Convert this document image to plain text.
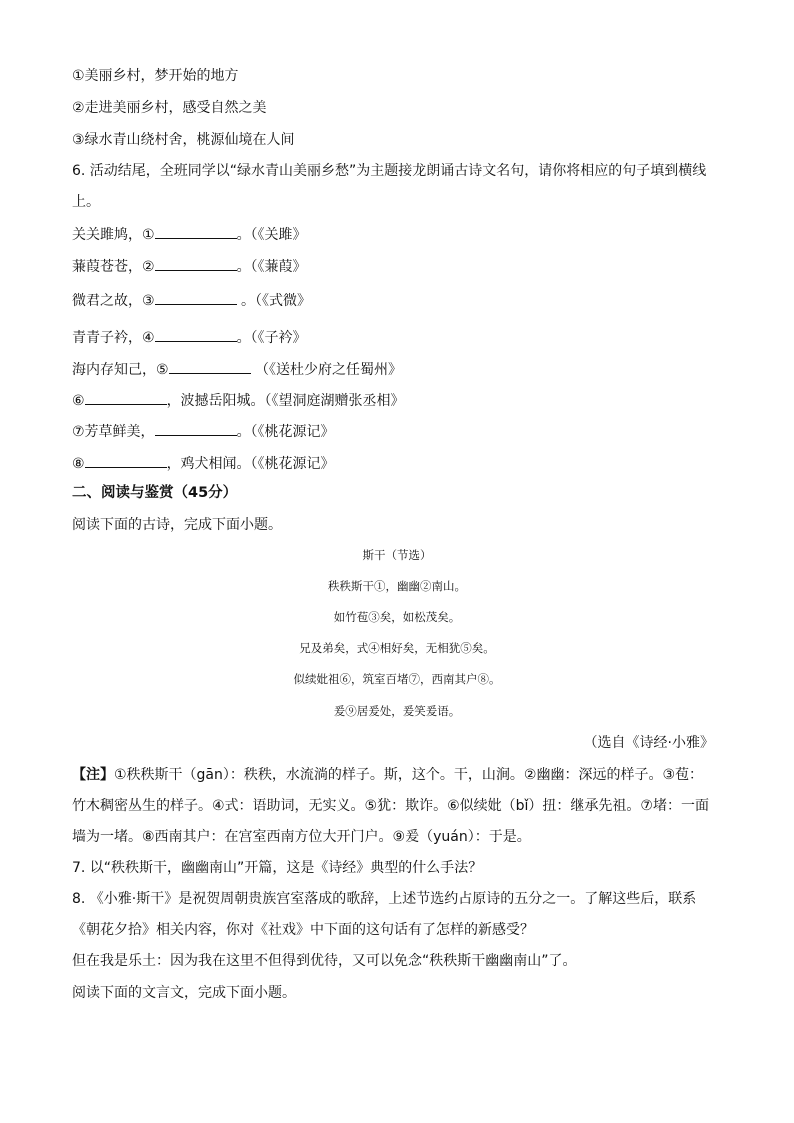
①美丽乡村，梦开始的地方
②走进美丽乡村，感受自然之美
③绿水青山绕村舍，桃源仙境在人间
6. 活动结尾，全班同学以“绿水青山美丽乡愁”为主题接龙朗诵古诗文名句，请你将相应的句子填到横线
上。
关关雎鸠，①	。（《关雎》
蒹葭苍苍，②	。（《蒹葭》
微君之故，③	。（《式微》
青青子衿，④	。（《子衿》
海内存知己，⑤	（《送杜少府之任蜀州》
⑥	，波撼岳阳城。（《望洞庭湖赠张丞相》
⑦芳草鲜美，	。（《桃花源记》
⑧	，鸡犬相闻。（《桃花源记》
二、阅读与鉴赏（45分）
阅读下面的古诗，完成下面小题。
斯干（节选）
秩秩斯干①，幽幽②南山。
如竹苞③矣，如松茂矣。
兄及弟矣，式④相好矣，无相犹⑤矣。
似续妣祖⑥，筑室百堵⑦，西南其户⑧。
爰⑨居爰处，爰笑爰语。
（选自《诗经·小雅》
【注】①秩秩斯干（gān）：秩秩，水流淌的样子。斯，这个。干，山涧。②幽幽：深远的样子。③苞：
竹木稠密丛生的样子。④式：语助词，无实义。⑤犹：欺诈。⑥似续妣（bǐ）扭：继承先祖。⑦堵：一面
墙为一堵。⑧西南其户：在宫室西南方位大开门户。⑨爰（yuán）：于是。
7. 以“秩秩斯干，幽幽南山”开篇，这是《诗经》典型的什么手法？
8. 《小雅·斯干》是祝贺周朝贵族宫室落成的歌辞，上述节选约占原诗的五分之一。了解这些后，联系
《朝花夕拾》相关内容，你对《社戏》中下面的这句话有了怎样的新感受？
但在我是乐土：因为我在这里不但得到优待，又可以免念“秩秩斯干幽幽南山”了。
阅读下面的文言文，完成下面小题。
